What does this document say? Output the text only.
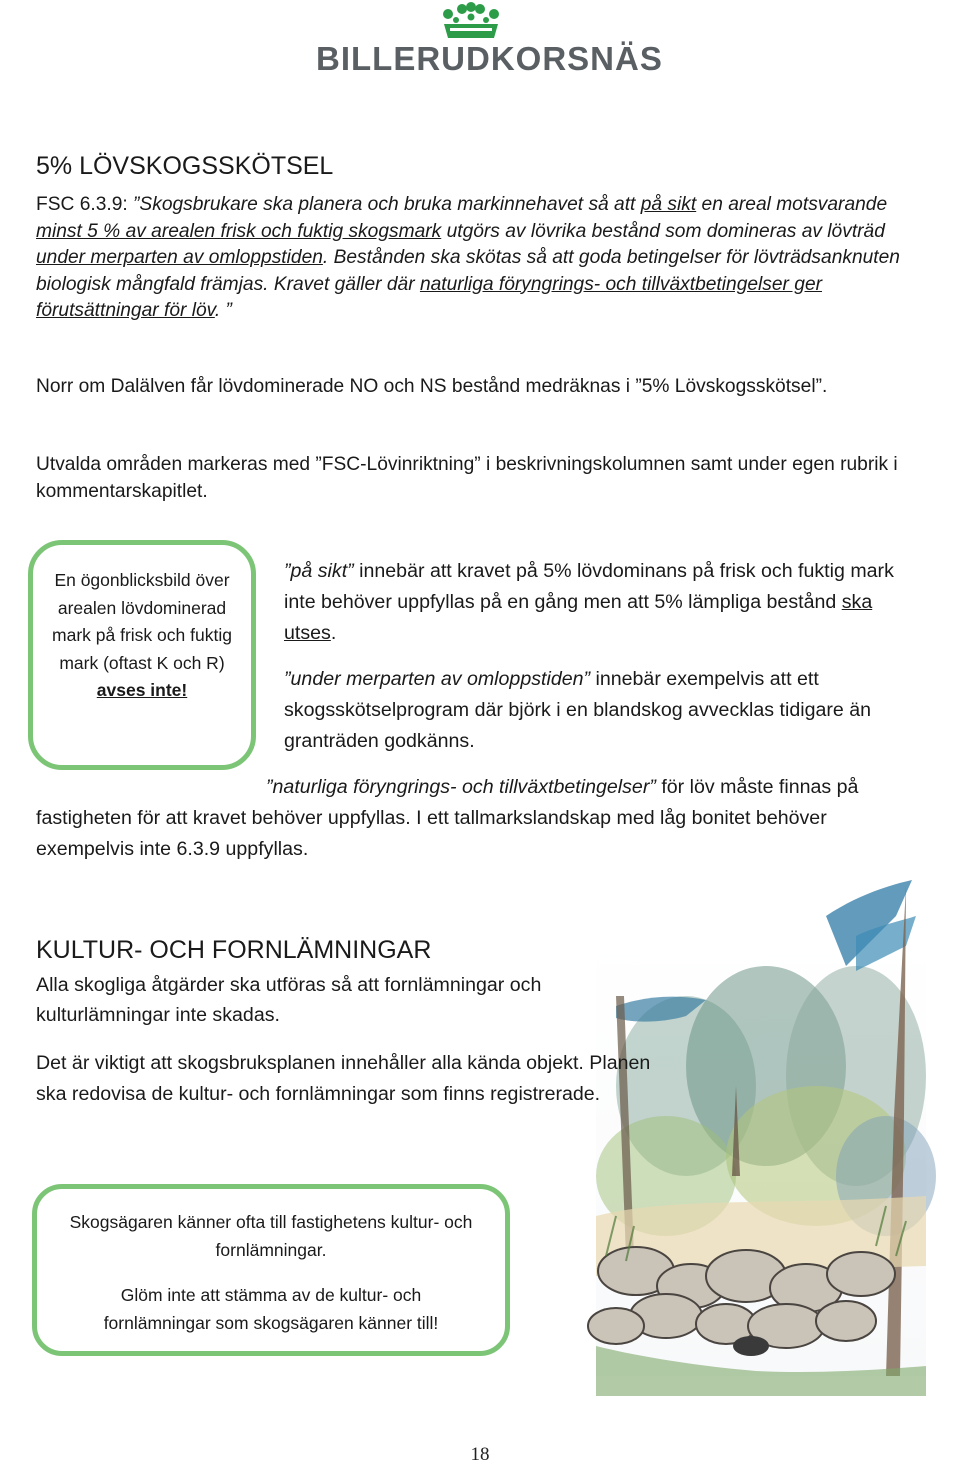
BILLERUDKORSNÄS
5% LÖVSKOGSSKÖTSEL

FSC 6.3.9: ”Skogsbrukare ska planera och bruka markinnehavet så att på sikt en areal motsvarande minst 5 % av arealen frisk och fuktig skogsmark utgörs av lövrika bestånd som domineras av lövträd under merparten av omloppstiden. Bestånden ska skötas så att goda betingelser för lövträdsanknuten biologisk mångfald främjas. Kravet gäller där naturliga föryngrings- och tillväxtbetingelser ger förutsättningar för löv. ”

Norr om Dalälven får lövdominerade NO och NS bestånd medräknas i ”5% Lövskogsskötsel”.

Utvalda områden markeras med ”FSC-Lövinriktning” i beskrivningskolumnen samt under egen rubrik i kommentarskapitlet.

En ögonblicksbild över arealen lövdominerad mark på frisk och fuktig mark (oftast K och R) avses inte!

”på sikt” innebär att kravet på 5% lövdominans på frisk och fuktig mark inte behöver uppfyllas på en gång men att 5% lämpliga bestånd ska utses.

”under merparten av omloppstiden” innebär exempelvis att ett skogsskötselprogram där björk i en blandskog avvecklas tidigare än granträden godkänns.

”naturliga föryngrings- och tillväxtbetingelser” för löv måste finnas på fastigheten för att kravet behöver uppfyllas. I ett tallmarkslandskap med låg bonitet behöver exempelvis inte 6.3.9 uppfyllas.

KULTUR- OCH FORNLÄMNINGAR

Alla skogliga åtgärder ska utföras så att fornlämningar och kulturlämningar inte skadas.

Det är viktigt att skogsbruksplanen innehåller alla kända objekt. Planen ska redovisa de kultur- och fornlämningar som finns registrerade.

Skogsägaren känner ofta till fastighetens kultur- och fornlämningar.
Glöm inte att stämma av de kultur- och fornlämningar som skogsägaren känner till!
18
